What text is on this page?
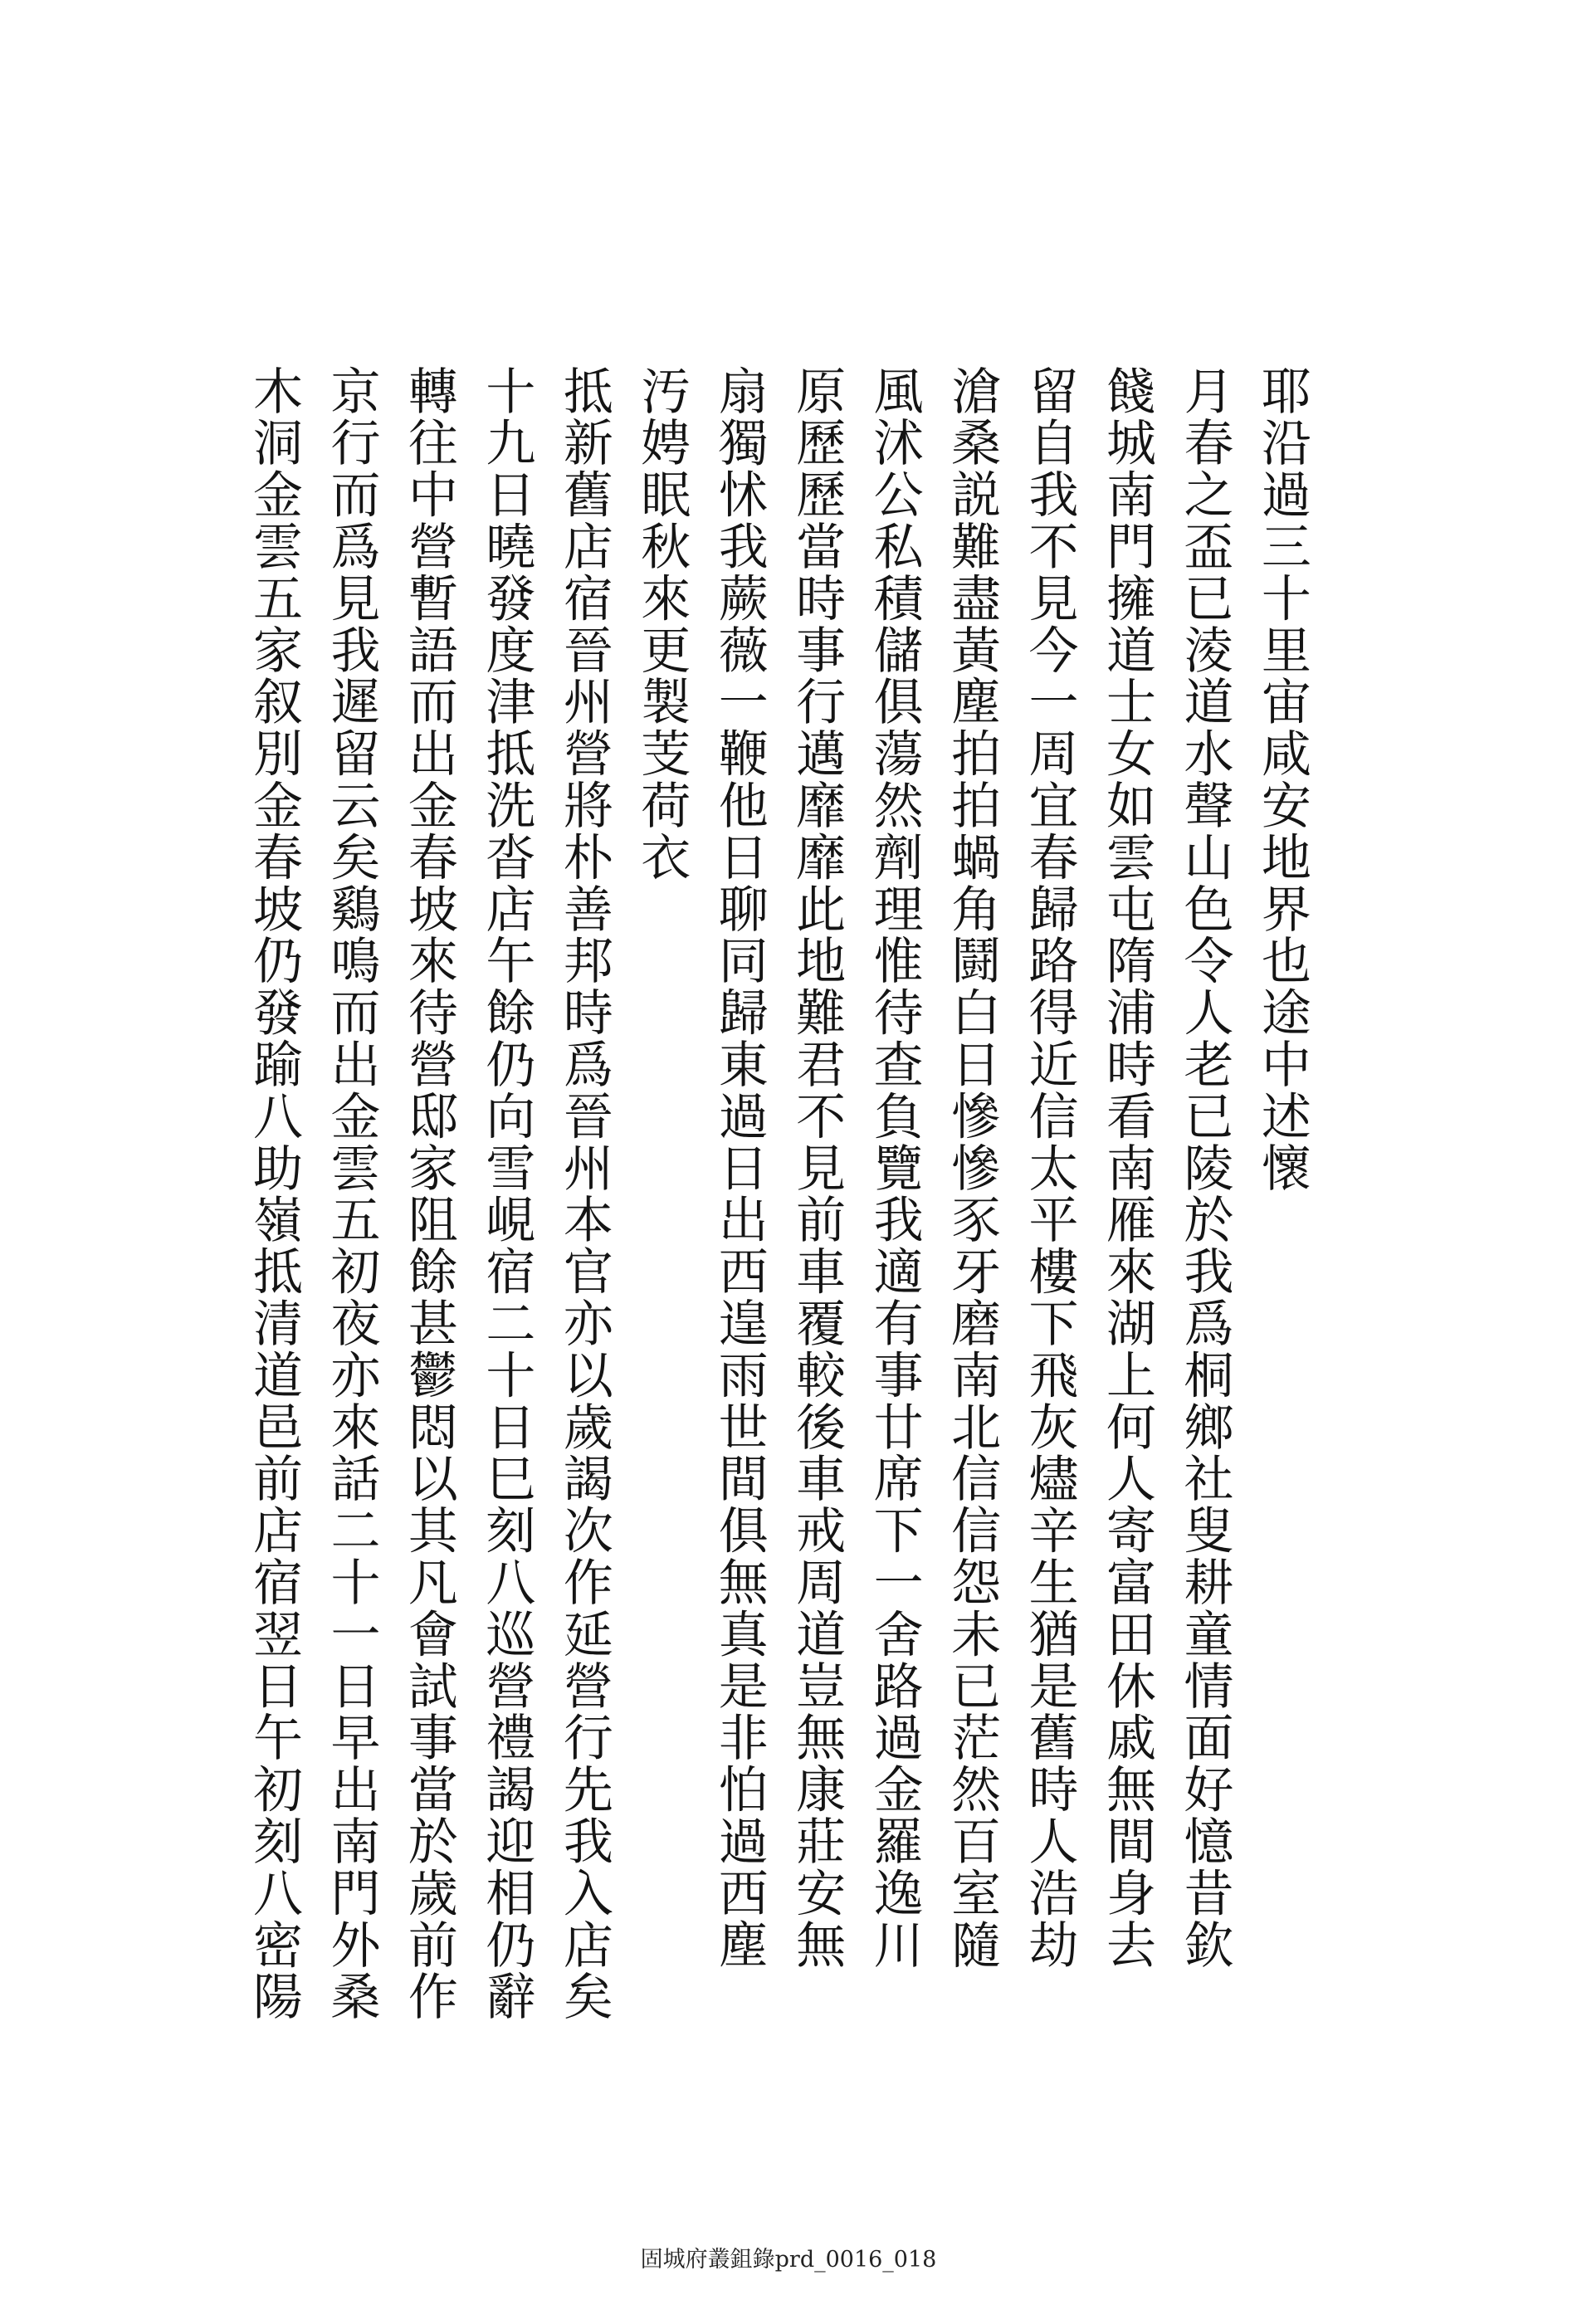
耶沿過三十里宙咸安地界也途中述懷
月春之盃已淩道水聲山色令人老已陵於我爲桐鄉社叟耕童情面好憶昔欽
餞城南門擁道士女如雲屯隋浦時看南雁來湖上何人寄富田休戚無間身去
留自我不見今一周宜春歸路得近信太平樓下飛灰燼辛生猶是舊時人浩劫
滄桑説難盡黃塵拍拍蝸角鬪白日慘慘豕牙磨南北信信怨未已茫然百室隨
風沭公私積儲俱蕩然劑理惟待查負覽我適有事廿席下一舍路過金羅逸川
原歷歷當時事行邁靡靡此地難君不見前車覆較後車戒周道豈無康莊安無
扇獨怵我蕨薇一鞭他日聊同歸東過日出西遑雨世間俱無真是非怕過西塵
汚娉眠秋來更製芰荷衣
抵新舊店宿晉州營將朴善邦時爲晉州本官亦以歲謁次作延營行先我入店矣
十九日曉發度津抵洗沓店午餘仍向雪峴宿二十日巳刻八巡營禮謁迎相仍辭
轉往中營暫語而出金春坡來待營邸家阻餘甚鬱悶以其凡會試事當於歲前作
京行而爲見我遲留云矣鷄鳴而出金雲五初夜亦來話二十一日早出南門外桑
木洞金雲五家叙別金春坡仍發踰八助嶺抵清道邑前店宿翌日午初刻八密陽
固城府叢鉏錄prd_0016_018
